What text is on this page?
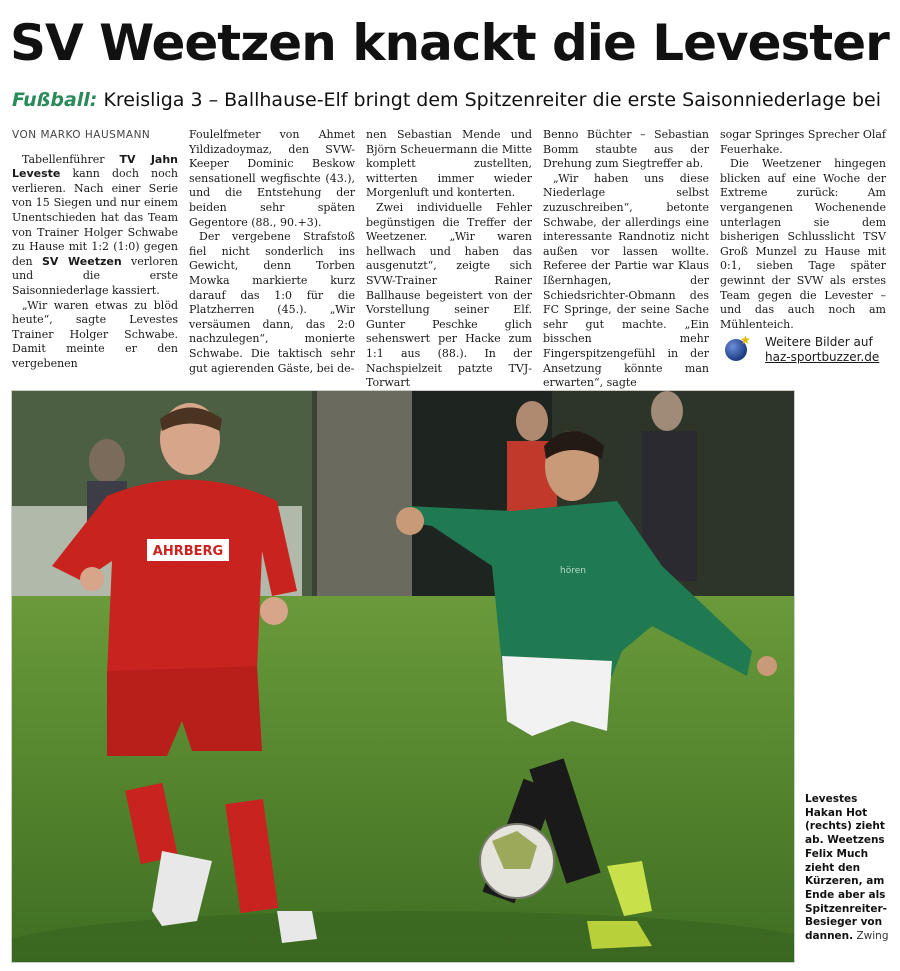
SV Weetzen knackt die Levester
Fußball: Kreisliga 3 – Ballhause-Elf bringt dem Spitzenreiter die erste Saisonniederlage bei

VON MARKO HAUSMANN

Tabellenführer TV Jahn Leveste kann doch noch verlieren. Nach einer Serie von 15 Siegen und nur einem Unentschieden hat das Team von Trainer Holger Schwabe zu Hause mit 1:2 (1:0) gegen den SV Weetzen verloren und die erste Saisonniederlage kassiert.

„Wir waren etwas zu blöd heute“, sagte Levestes Trainer Holger Schwabe. Damit meinte er den vergebenen

Foulelfmeter von Ahmet Yildizadoymaz, den SVW-Keeper Dominic Beskow sensationell wegfischte (43.), und die Entstehung der beiden sehr späten Gegentore (88., 90.+3).

Der vergebene Strafstoß fiel nicht sonderlich ins Gewicht, denn Torben Mowka markierte kurz darauf das 1:0 für die Platzherren (45.). „Wir versäumen dann, das 2:0 nachzulegen“, monierte Schwabe. Die taktisch sehr gut agierenden Gäste, bei de-

nen Sebastian Mende und Björn Scheuermann die Mitte komplett zustellten, witterten immer wieder Morgenluft und konterten.

Zwei individuelle Fehler begünstigen die Treffer der Weetzener. „Wir waren hellwach und haben das ausgenutzt“, zeigte sich SVW-Trainer Rainer Ballhause begeistert von der Vorstellung seiner Elf. Gunter Peschke glich sehenswert per Hacke zum 1:1 aus (88.). In der Nachspielzeit patzte TVJ-Torwart

Benno Büchter – Sebastian Bomm staubte aus der Drehung zum Siegtreffer ab.

„Wir haben uns diese Niederlage selbst zuzuschreiben“, betonte Schwabe, der allerdings eine interessante Randnotiz nicht außen vor lassen wollte. Referee der Partie war Klaus Ißernhagen, der Schiedsrichter-Obmann des FC Springe, der seine Sache sehr gut machte. „Ein bisschen mehr Fingerspitzengefühl in der Ansetzung könnte man erwarten“, sagte

sogar Springes Sprecher Olaf Feuerhake.

Die Weetzener hingegen blicken auf eine Woche der Extreme zurück: Am vergangenen Wochenende unterlagen sie dem bisherigen Schlusslicht TSV Groß Munzel zu Hause mit 0:1, sieben Tage später gewinnt der SVW als erstes Team gegen die Levester – und das auch noch am Mühlenteich.

★ Weitere Bilder auf
haz-sportbuzzer.de
AHRBERG
Bau- und Möbeltischlerei	hören
Levestes Hakan Hot (rechts) zieht ab. Weetzens Felix Much zieht den Kürzeren, am Ende aber als Spitzenreiter-Besieger von dannen. Zwing
